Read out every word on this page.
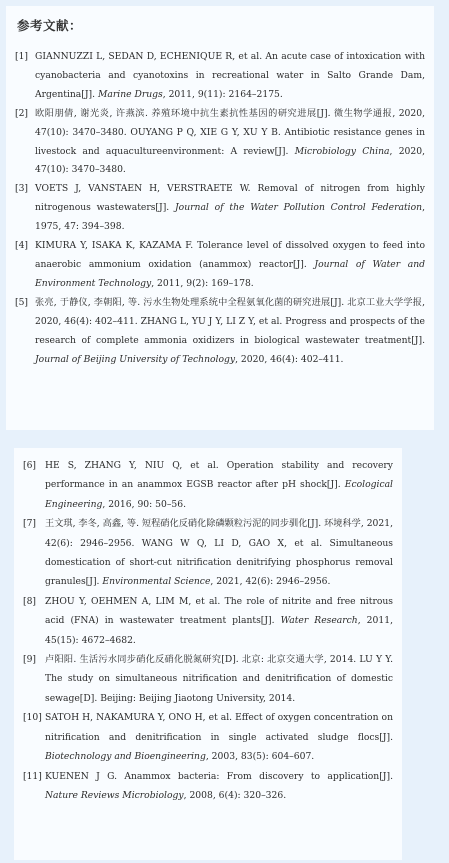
参考文献：
[1] GIANNUZZI L, SEDAN D, ECHENIQUE R, et al. An acute case of intoxication with cyanobacteria and cyanotoxins in recreational water in Salto Grande Dam, Argentina[J]. Marine Drugs, 2011, 9(11): 2164–2175.
[2] 欧阳朋倩, 谢光炎, 许燕滨. 养殖环境中抗生素抗性基因的研究进展[J]. 微生物学通报, 2020, 47(10): 3470–3480. OUYANG P Q, XIE G Y, XU Y B. Antibiotic resistance genes in livestock and aquacultureenvironment: A review[J]. Microbiology China, 2020, 47(10): 3470–3480.
[3] VOETS J, VANSTAEN H, VERSTRAETE W. Removal of nitrogen from highly nitrogenous wastewaters[J]. Journal of the Water Pollution Control Federation, 1975, 47: 394–398.
[4] KIMURA Y, ISAKA K, KAZAMA F. Tolerance level of dissolved oxygen to feed into anaerobic ammonium oxidation (anammox) reactor[J]. Journal of Water and Environment Technology, 2011, 9(2): 169–178.
[5] 张亮, 于静仪, 李朝阳, 等. 污水生物处理系统中全程氨氧化菌的研究进展[J]. 北京工业大学学报, 2020, 46(4): 402–411. ZHANG L, YU J Y, LI Z Y, et al. Progress and prospects of the research of complete ammonia oxidizers in biological wastewater treatment[J]. Journal of Beijing University of Technology, 2020, 46(4): 402–411.
[6] HE S, ZHANG Y, NIU Q, et al. Operation stability and recovery performance in an anammox EGSB reactor after pH shock[J]. Ecological Engineering, 2016, 90: 50–56.
[7] 王文琪, 李冬, 高鑫, 等. 短程硝化反硝化除磷颗粒污泥的同步驯化[J]. 环境科学, 2021, 42(6): 2946–2956. WANG W Q, LI D, GAO X, et al. Simultaneous domestication of short-cut nitrification denitrifying phosphorus removal granules[J]. Environmental Science, 2021, 42(6): 2946–2956.
[8] ZHOU Y, OEHMEN A, LIM M, et al. The role of nitrite and free nitrous acid (FNA) in wastewater treatment plants[J]. Water Research, 2011, 45(15): 4672–4682.
[9] 卢阳阳. 生活污水同步硝化反硝化脱氮研究[D]. 北京: 北京交通大学, 2014. LU Y Y. The study on simultaneous nitrification and denitrification of domestic sewage[D]. Beijing: Beijing Jiaotong University, 2014.
[10] SATOH H, NAKAMURA Y, ONO H, et al. Effect of oxygen concentration on nitrification and denitrification in single activated sludge flocs[J]. Biotechnology and Bioengineering, 2003, 83(5): 604–607.
[11] KUENEN J G. Anammox bacteria: From discovery to application[J]. Nature Reviews Microbiology, 2008, 6(4): 320–326.
